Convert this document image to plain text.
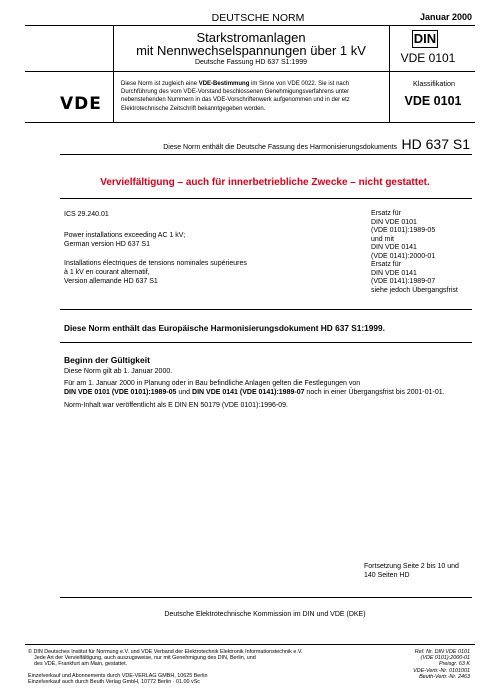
DEUTSCHE NORM	Januar 2000
Starkstromanlagen
mit Nennwechselspannungen über 1 kV
Deutsche Fassung HD 637 S1:1999
DIN
VDE 0101
VDE
Diese Norm ist zugleich eine VDE-Bestimmung im Sinne von VDE 0022. Sie ist nach Durchführung des vom VDE-Vorstand beschlossenen Genehmigungsverfahrens unter nebenstehenden Nummern in das VDE-Vorschriftenwerk aufgenommen und in der etz Elektrotechnische Zeitschrift bekanntgegeben worden.
Klassifikation
VDE 0101
Diese Norm enthält die Deutsche Fassung des Harmonisierungsdokuments HD 637 S1
Vervielfältigung – auch für innerbetriebliche Zwecke – nicht gestattet.
ICS 29.240.01
Power installations exceeding AC 1 kV;
German version HD 637 S1
Installations électriques de tensions nominales supérieures
à 1 kV en courant alternatif,
Version allemande HD 637 S1
Ersatz für
DIN VDE 0101
(VDE 0101):1989-05
und mit
DIN VDE 0141
(VDE 0141):2000-01
Ersatz für
DIN VDE 0141
(VDE 0141):1989-07
siehe jedoch Übergangsfrist
Diese Norm enthält das Europäische Harmonisierungsdokument HD 637 S1:1999.
Beginn der Gültigkeit
Diese Norm gilt ab 1. Januar 2000.
Für am 1. Januar 2000 in Planung oder in Bau befindliche Anlagen gelten die Festlegungen von
DIN VDE 0101 (VDE 0101):1989-05 und DIN VDE 0141 (VDE 0141):1989-07 noch in einer Übergangsfrist bis 2001-01-01.
Norm-Inhalt war veröffentlicht als E DIN EN 50179 (VDE 0101):1996-09.
Fortsetzung Seite 2 bis 10 und
140 Seiten HD
Deutsche Elektrotechnische Kommission im DIN und VDE (DKE)
© DIN Deutsches Institut für Normung e.V. und VDE Verband der Elektrotechnik Elektronik Informationstechnik e.V.
Jede Art der Vervielfältigung, auch auszugsweise, nur mit Genehmigung des DIN, Berlin, und
des VDE, Frankfurt am Main, gestattet.
Einzelverkauf und Abonnements durch VDE-VERLAG GMBH, 10625 Berlin
Einzelverkauf auch durch Beuth Verlag GmbH, 10772 Berlin · 01.00 vSc
Ref. Nr. DIN VDE 0101
(VDE 0101):2000-01
Preisgr. 63 K
VDE-Vertr.-Nr. 0101001
Beuth-Vertr.-Nr. 2463
